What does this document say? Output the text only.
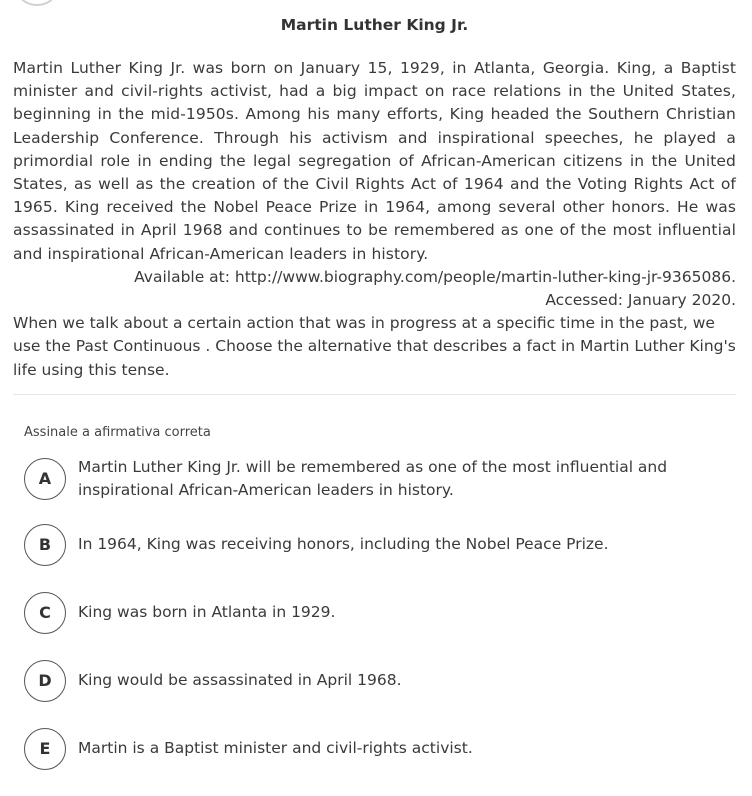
Martin Luther King Jr.
Martin Luther King Jr. was born on January 15, 1929, in Atlanta, Georgia. King, a Baptist minister and civil-rights activist, had a big impact on race relations in the United States, beginning in the mid-1950s. Among his many efforts, King headed the Southern Christian Leadership Conference. Through his activism and inspirational speeches, he played a primordial role in ending the legal segregation of African-American citizens in the United States, as well as the creation of the Civil Rights Act of 1964 and the Voting Rights Act of 1965. King received the Nobel Peace Prize in 1964, among several other honors. He was assassinated in April 1968 and continues to be remembered as one of the most influential and inspirational African-American leaders in history.
Available at: http://www.biography.com/people/martin-luther-king-jr-9365086.
Accessed: January 2020.
When we talk about a certain action that was in progress at a specific time in the past, we use the Past Continuous . Choose the alternative that describes a fact in Martin Luther King's life using this tense.
Assinale a afirmativa correta
A
Martin Luther King Jr. will be remembered as one of the most influential and inspirational African-American leaders in history.
B	In 1964, King was receiving honors, including the Nobel Peace Prize.
C	King was born in Atlanta in 1929.
D	King would be assassinated in April 1968.
E	Martin is a Baptist minister and civil-rights activist.
